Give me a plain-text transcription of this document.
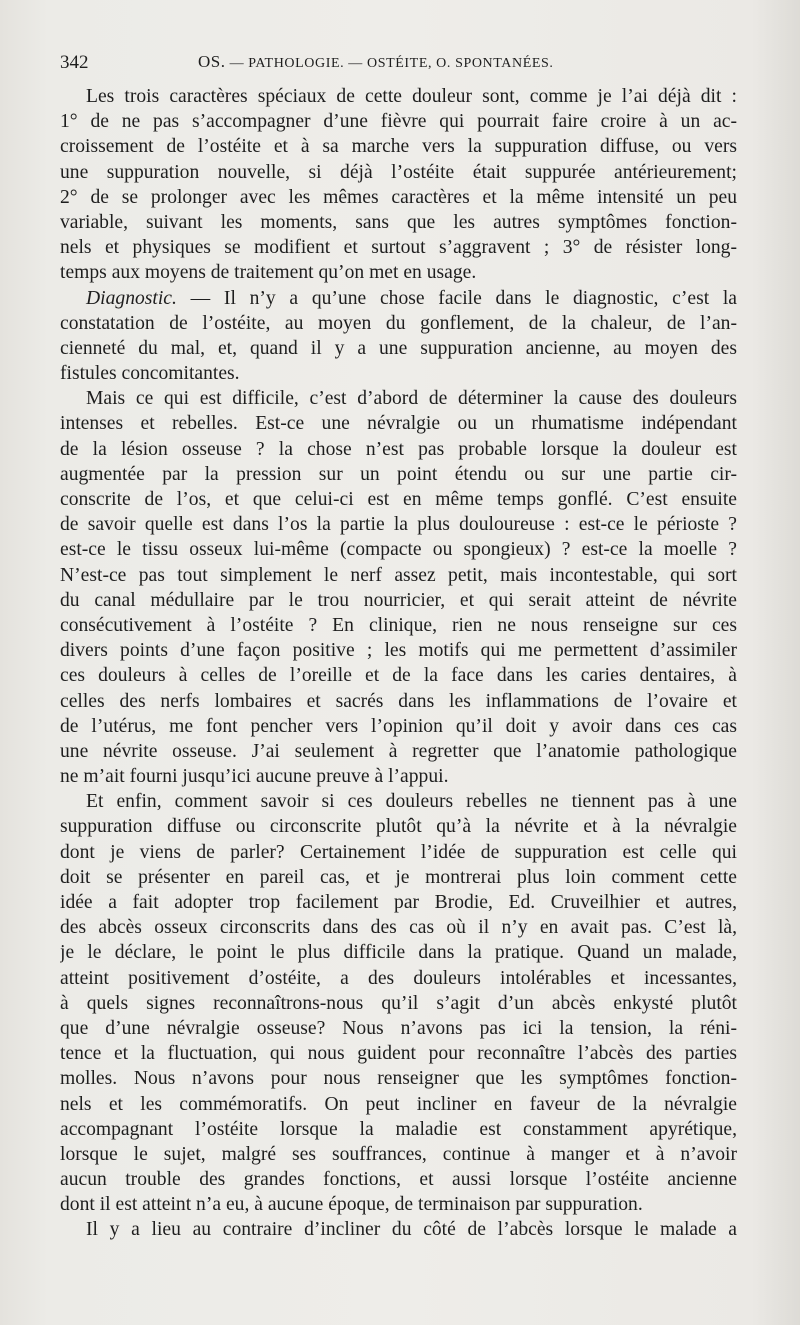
342	OS. — PATHOLOGIE. — OSTÉITE, O. SPONTANÉES.
Les trois caractères spéciaux de cette douleur sont, comme je l’ai déjà dit :
1° de ne pas s’accompagner d’une fièvre qui pourrait faire croire à un ac-
croissement de l’ostéite et à sa marche vers la suppuration diffuse, ou vers
une suppuration nouvelle, si déjà l’ostéite était suppurée antérieurement;
2° de se prolonger avec les mêmes caractères et la même intensité un peu
variable, suivant les moments, sans que les autres symptômes fonction-
nels et physiques se modifient et surtout s’aggravent ; 3° de résister long-
temps aux moyens de traitement qu’on met en usage.
Diagnostic. — Il n’y a qu’une chose facile dans le diagnostic, c’est la
constatation de l’ostéite, au moyen du gonflement, de la chaleur, de l’an-
cienneté du mal, et, quand il y a une suppuration ancienne, au moyen des
fistules concomitantes.
Mais ce qui est difficile, c’est d’abord de déterminer la cause des douleurs
intenses et rebelles. Est-ce une névralgie ou un rhumatisme indépendant
de la lésion osseuse ? la chose n’est pas probable lorsque la douleur est
augmentée par la pression sur un point étendu ou sur une partie cir-
conscrite de l’os, et que celui-ci est en même temps gonflé. C’est ensuite
de savoir quelle est dans l’os la partie la plus douloureuse : est-ce le périoste ?
est-ce le tissu osseux lui-même (compacte ou spongieux) ? est-ce la moelle ?
N’est-ce pas tout simplement le nerf assez petit, mais incontestable, qui sort
du canal médullaire par le trou nourricier, et qui serait atteint de névrite
consécutivement à l’ostéite ? En clinique, rien ne nous renseigne sur ces
divers points d’une façon positive ; les motifs qui me permettent d’assimiler
ces douleurs à celles de l’oreille et de la face dans les caries dentaires, à
celles des nerfs lombaires et sacrés dans les inflammations de l’ovaire et
de l’utérus, me font pencher vers l’opinion qu’il doit y avoir dans ces cas
une névrite osseuse. J’ai seulement à regretter que l’anatomie pathologique
ne m’ait fourni jusqu’ici aucune preuve à l’appui.
Et enfin, comment savoir si ces douleurs rebelles ne tiennent pas à une
suppuration diffuse ou circonscrite plutôt qu’à la névrite et à la névralgie
dont je viens de parler? Certainement l’idée de suppuration est celle qui
doit se présenter en pareil cas, et je montrerai plus loin comment cette
idée a fait adopter trop facilement par Brodie, Ed. Cruveilhier et autres,
des abcès osseux circonscrits dans des cas où il n’y en avait pas. C’est là,
je le déclare, le point le plus difficile dans la pratique. Quand un malade,
atteint positivement d’ostéite, a des douleurs intolérables et incessantes,
à quels signes reconnaîtrons-nous qu’il s’agit d’un abcès enkysté plutôt
que d’une névralgie osseuse? Nous n’avons pas ici la tension, la réni-
tence et la fluctuation, qui nous guident pour reconnaître l’abcès des parties
molles. Nous n’avons pour nous renseigner que les symptômes fonction-
nels et les commémoratifs. On peut incliner en faveur de la névralgie
accompagnant l’ostéite lorsque la maladie est constamment apyrétique,
lorsque le sujet, malgré ses souffrances, continue à manger et à n’avoir
aucun trouble des grandes fonctions, et aussi lorsque l’ostéite ancienne
dont il est atteint n’a eu, à aucune époque, de terminaison par suppuration.
Il y a lieu au contraire d’incliner du côté de l’abcès lorsque le malade a
